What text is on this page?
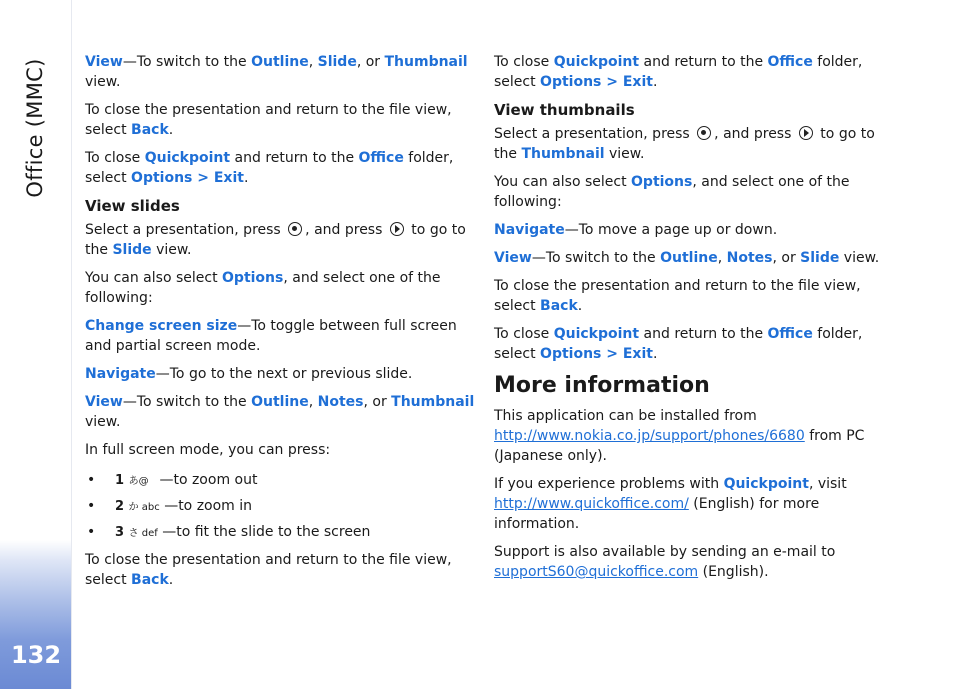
Office (MMC)
132

View—To switch to the Outline, Slide, or Thumbnail view.

To close the presentation and return to the file view, select Back.

To close Quickpoint and return to the Office folder, select Options > Exit.

View slides

Select a presentation, press , and press  to go to the Slide view.

You can also select Options, and select one of the following:

Change screen size—To toggle between full screen and partial screen mode.

Navigate—To go to the next or previous slide.

View—To switch to the Outline, Notes, or Thumbnail view.

In full screen mode, you can press:

• 1 あ@ —to zoom out
• 2 か abc —to zoom in
• 3 さ def —to fit the slide to the screen

To close the presentation and return to the file view, select Back.

To close Quickpoint and return to the Office folder, select Options > Exit.

View thumbnails

Select a presentation, press , and press  to go to the Thumbnail view.

You can also select Options, and select one of the following:

Navigate—To move a page up or down.

View—To switch to the Outline, Notes, or Slide view.

To close the presentation and return to the file view, select Back.

To close Quickpoint and return to the Office folder, select Options > Exit.

More information

This application can be installed from http://www.nokia.co.jp/support/phones/6680 from PC (Japanese only).

If you experience problems with Quickpoint, visit http://www.quickoffice.com/ (English) for more information.

Support is also available by sending an e-mail to supportS60@quickoffice.com (English).
